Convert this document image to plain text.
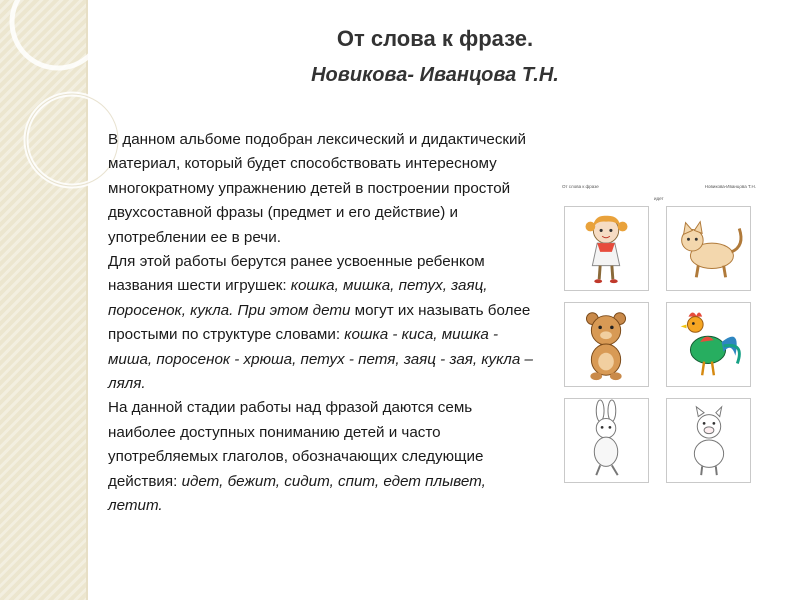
От слова к фразе.
Новикова- Иванцова Т.Н.

В данном альбоме подобран лексический и дидактический материал, который будет способствовать интересному многократному упражнению детей в построении простой двухсоставной фразы (предмет и его действие) и употреблении ее в речи.

Для этой работы берутся ранее усвоенные ребенком названия шести игрушек: кошка, мишка, петух, заяц, поросенок, кукла. При этом дети могут их называть более простыми по структуре словами: кошка - киса, мишка - миша, поросенок - хрюша, петух - петя, заяц - зая, кукла –ляля.

На данной стадии работы над фразой даются семь наиболее доступных пониманию детей и часто употребляемых глаголов, обозначающих следующие действия: идет, бежит, сидит, спит, едет плывет, летит.

От слова к фразе	Новикова-Иванцова Т.Н.
идет
